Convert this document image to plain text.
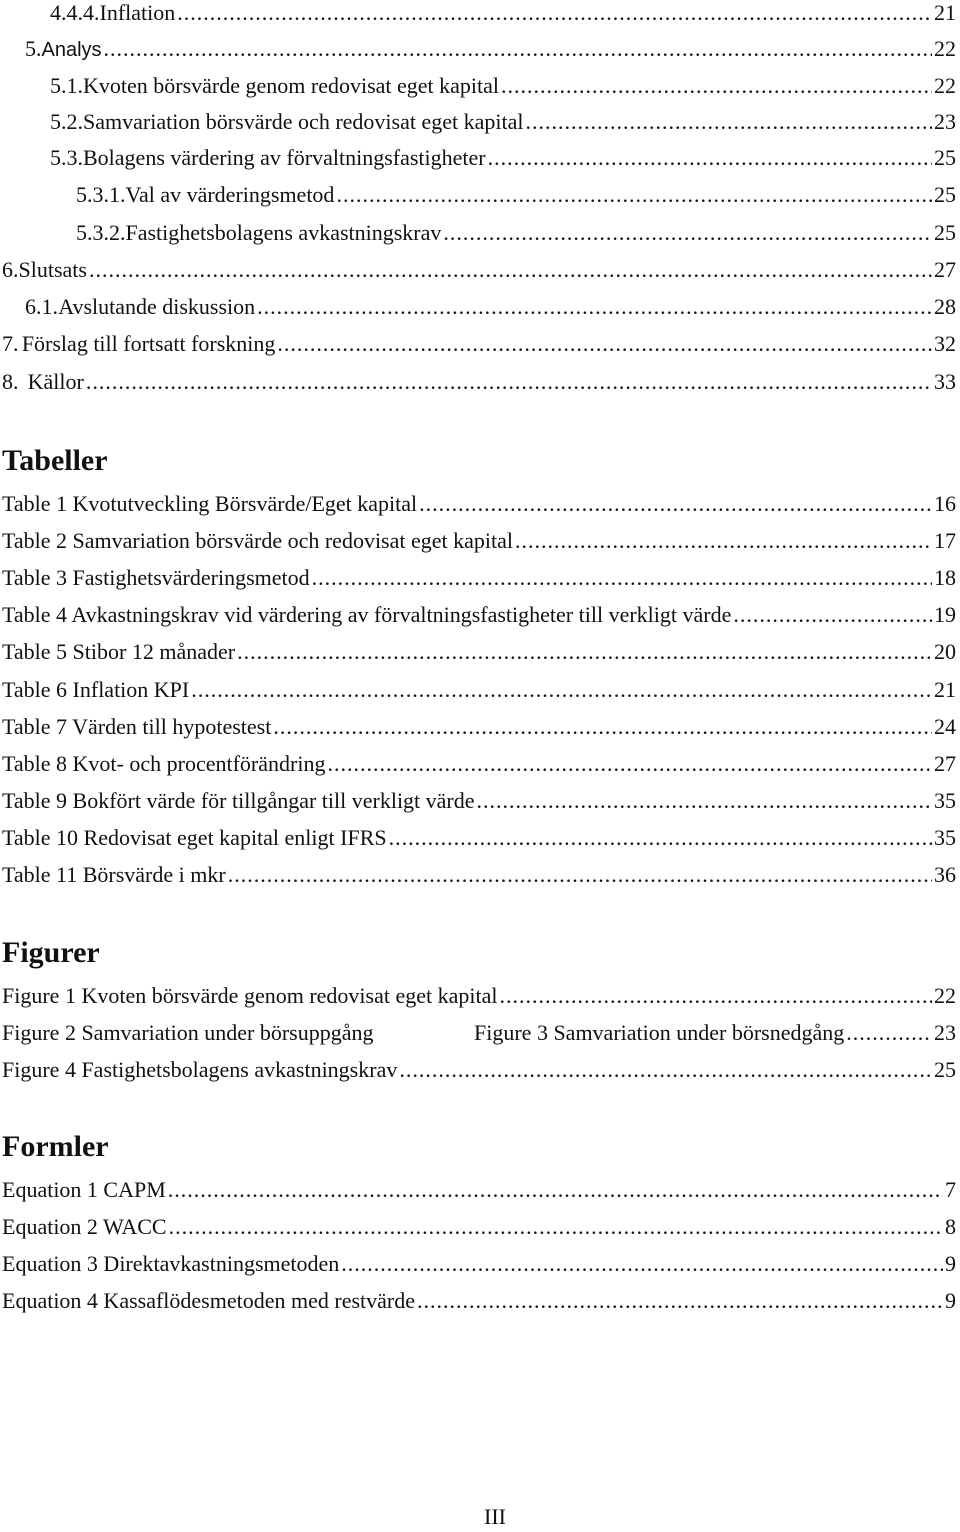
4.4.4. Inflation .....	21
5. Analys .....	22
5.1. Kvoten börsvärde genom redovisat eget kapital .....	22
5.2. Samvariation börsvärde och redovisat eget kapital .....	23
5.3. Bolagens värdering av förvaltningsfastigheter .....	25
5.3.1. Val av värderingsmetod .....	25
5.3.2. Fastighetsbolagens avkastningskrav .....	25
6. Slutsats .....	27
6.1. Avslutande diskussion .....	28
7. Förslag till fortsatt forskning .....	32
8. Källor .....	33
Tabeller
Table 1 Kvotutveckling Börsvärde/Eget kapital .....	16
Table 2 Samvariation börsvärde och redovisat eget kapital .....	17
Table 3 Fastighetsvärderingsmetod .....	18
Table 4 Avkastningskrav vid värdering av förvaltningsfastigheter till verkligt värde .....	19
Table 5 Stibor 12 månader .....	20
Table 6 Inflation KPI .....	21
Table 7 Värden till hypotestest .....	24
Table 8 Kvot- och procentförändring .....	27
Table 9 Bokfört värde för tillgångar till verkligt värde .....	35
Table 10 Redovisat eget kapital enligt IFRS .....	35
Table 11 Börsvärde i mkr .....	36
Figurer
Figure 1 Kvoten börsvärde genom redovisat eget kapital .....	22
Figure 2 Samvariation under börsuppgång	Figure 3 Samvariation under börsnedgång .....	23
Figure 4 Fastighetsbolagens avkastningskrav .....	25
Formler
Equation 1 CAPM .....	7
Equation 2 WACC .....	8
Equation 3 Direktavkastningsmetoden .....	9
Equation 4 Kassaflödesmetoden med restvärde .....	9
III
